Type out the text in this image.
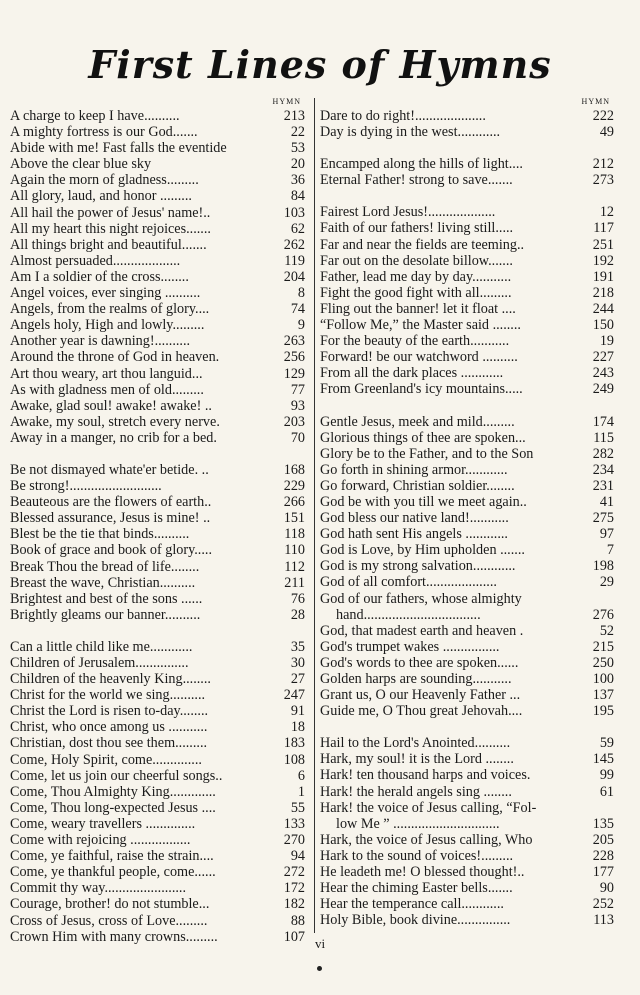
First Lines of Hymns
HYMN
A charge to keep I have..........	213
A mighty fortress is our God.......	22
Abide with me! Fast falls the eventide	53
Above the clear blue sky	20
Again the morn of gladness.........	36
All glory, laud, and honor .........	84
All hail the power of Jesus' name!..	103
All my heart this night rejoices.......	62
All things bright and beautiful.......	262
Almost persuaded...................	119
Am I a soldier of the cross........	204
Angel voices, ever singing ..........	8
Angels, from the realms of glory....	74
Angels holy, High and lowly.........	9
Another year is dawning!..........	263
Around the throne of God in heaven.	256
Art thou weary, art thou languid...	129
As with gladness men of old.........	77
Awake, glad soul! awake! awake! ..	93
Awake, my soul, stretch every nerve.	203
Away in a manger, no crib for a bed.	70
Be not dismayed whate'er betide. ..	168
Be strong!..........................	229
Beauteous are the flowers of earth..	266
Blessed assurance, Jesus is mine! ..	151
Blest be the tie that binds..........	118
Book of grace and book of glory.....	110
Break Thou the bread of life........	112
Breast the wave, Christian..........	211
Brightest and best of the sons ......	76
Brightly gleams our banner..........	28
Can a little child like me............	35
Children of Jerusalem...............	30
Children of the heavenly King........	27
Christ for the world we sing..........	247
Christ the Lord is risen to-day........	91
Christ, who once among us ...........	18
Christian, dost thou see them.........	183
Come, Holy Spirit, come..............	108
Come, let us join our cheerful songs..	6
Come, Thou Almighty King.............	1
Come, Thou long-expected Jesus ....	55
Come, weary travellers ..............	133
Come with rejoicing .................	270
Come, ye faithful, raise the strain....	94
Come, ye thankful people, come......	272
Commit thy way.......................	172
Courage, brother! do not stumble...	182
Cross of Jesus, cross of Love.........	88
Crown Him with many crowns.........	107
HYMN
Dare to do right!....................	222
Day is dying in the west............	49
Encamped along the hills of light....	212
Eternal Father! strong to save.......	273
Fairest Lord Jesus!...................	12
Faith of our fathers! living still.....	117
Far and near the fields are teeming..	251
Far out on the desolate billow.......	192
Father, lead me day by day...........	191
Fight the good fight with all.........	218
Fling out the banner! let it float ....	244
“Follow Me,” the Master said ........	150
For the beauty of the earth...........	19
Forward! be our watchword ..........	227
From all the dark places ............	243
From Greenland's icy mountains.....	249
Gentle Jesus, meek and mild.........	174
Glorious things of thee are spoken...	115
Glory be to the Father, and to the Son	282
Go forth in shining armor............	234
Go forward, Christian soldier........	231
God be with you till we meet again..	41
God bless our native land!...........	275
God hath sent His angels ............	97
God is Love, by Him upholden .......	7
God is my strong salvation............	198
God of all comfort....................	29
God of our fathers, whose almighty
hand.................................	276
God, that madest earth and heaven .	52
God's trumpet wakes ................	215
God's words to thee are spoken......	250
Golden harps are sounding...........	100
Grant us, O our Heavenly Father ...	137
Guide me, O Thou great Jehovah....	195
Hail to the Lord's Anointed..........	59
Hark, my soul! it is the Lord ........	145
Hark! ten thousand harps and voices.	99
Hark! the herald angels sing ........	61
Hark! the voice of Jesus calling, “Fol-
low Me ” ..............................	135
Hark, the voice of Jesus calling, Who	205
Hark to the sound of voices!.........	228
He leadeth me! O blessed thought!..	177
Hear the chiming Easter bells.......	90
Hear the temperance call............	252
Holy Bible, book divine...............	113
vi
